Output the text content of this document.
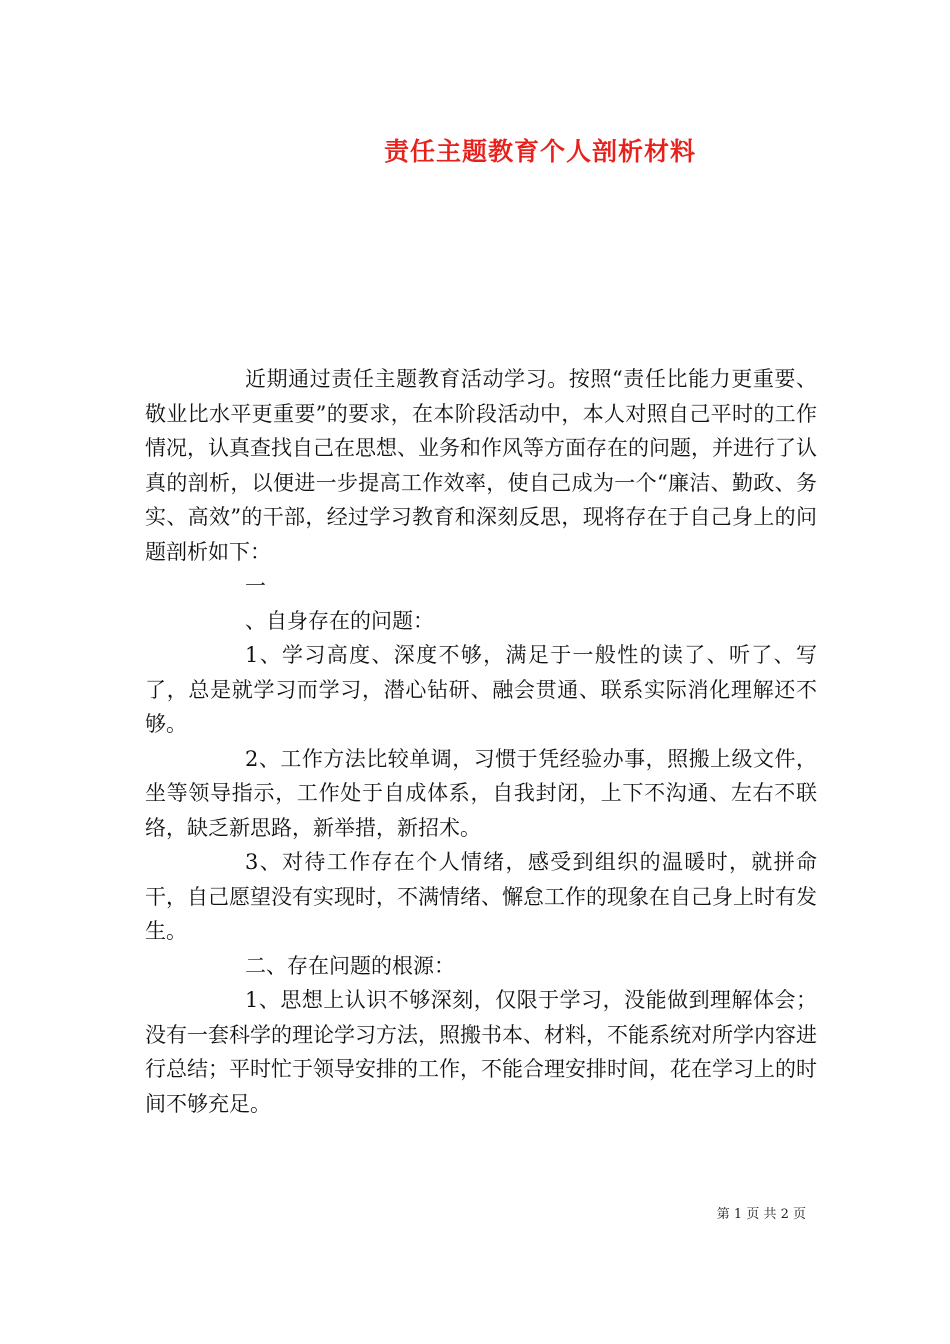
责任主题教育个人剖析材料

近期通过责任主题教育活动学习。按照“责任比能力更重要、敬业比水平更重要”的要求，在本阶段活动中，本人对照自己平时的工作情况，认真查找自己在思想、业务和作风等方面存在的问题，并进行了认真的剖析，以便进一步提高工作效率，使自己成为一个“廉洁、勤政、务实、高效”的干部，经过学习教育和深刻反思，现将存在于自己身上的问题剖析如下：

一

、自身存在的问题：

1、学习高度、深度不够，满足于一般性的读了、听了、写了，总是就学习而学习，潜心钻研、融会贯通、联系实际消化理解还不够。

2、工作方法比较单调，习惯于凭经验办事，照搬上级文件，坐等领导指示，工作处于自成体系，自我封闭，上下不沟通、左右不联络，缺乏新思路，新举措，新招术。

3、对待工作存在个人情绪，感受到组织的温暖时，就拼命干，自己愿望没有实现时，不满情绪、懈怠工作的现象在自己身上时有发生。

二、存在问题的根源：

1、思想上认识不够深刻，仅限于学习，没能做到理解体会；没有一套科学的理论学习方法，照搬书本、材料，不能系统对所学内容进行总结；平时忙于领导安排的工作，不能合理安排时间，花在学习上的时间不够充足。

第 1 页 共 2 页
